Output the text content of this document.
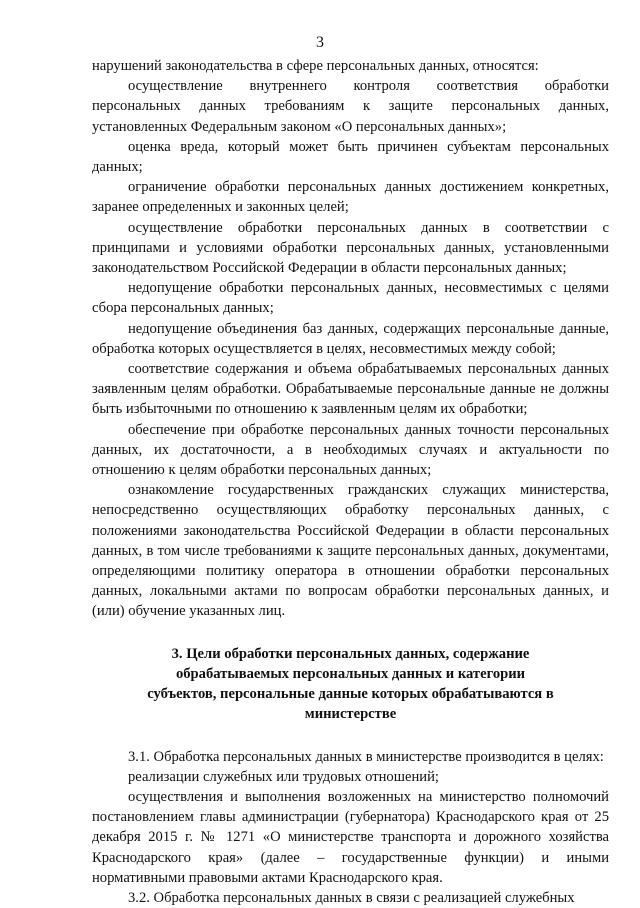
3

нарушений законодательства в сфере персональных данных, относятся:

осуществление внутреннего контроля соответствия обработки персональных данных требованиям к защите персональных данных, установленных Федеральным законом «О персональных данных»;

оценка вреда, который может быть причинен субъектам персональных данных;

ограничение обработки персональных данных достижением конкретных, заранее определенных и законных целей;

осуществление обработки персональных данных в соответствии с принципами и условиями обработки персональных данных, установленными законодательством Российской Федерации в области персональных данных;

недопущение обработки персональных данных, несовместимых с целями сбора персональных данных;

недопущение объединения баз данных, содержащих персональные данные, обработка которых осуществляется в целях, несовместимых между собой;

соответствие содержания и объема обрабатываемых персональных данных заявленным целям обработки. Обрабатываемые персональные данные не должны быть избыточными по отношению к заявленным целям их обработки;

обеспечение при обработке персональных данных точности персональных данных, их достаточности, а в необходимых случаях и актуальности по отношению к целям обработки персональных данных;

ознакомление государственных гражданских служащих министерства, непосредственно осуществляющих обработку персональных данных, с положениями законодательства Российской Федерации в области персональных данных, в том числе требованиями к защите персональных данных, документами, определяющими политику оператора в отношении обработки персональных данных, локальными актами по вопросам обработки персональных данных, и (или) обучение указанных лиц.

3. Цели обработки персональных данных, содержание
обрабатываемых персональных данных и категории
субъектов, персональные данные которых обрабатываются в
министерстве

3.1. Обработка персональных данных в министерстве производится в целях:

реализации служебных или трудовых отношений;

осуществления и выполнения возложенных на министерство полномочий постановлением главы администрации (губернатора) Краснодарского края от 25 декабря 2015 г. № 1271 «О министерстве транспорта и дорожного хозяйства Краснодарского края» (далее – государственные функции) и иными нормативными правовыми актами Краснодарского края.

3.2. Обработка персональных данных в связи с реализацией служебных
